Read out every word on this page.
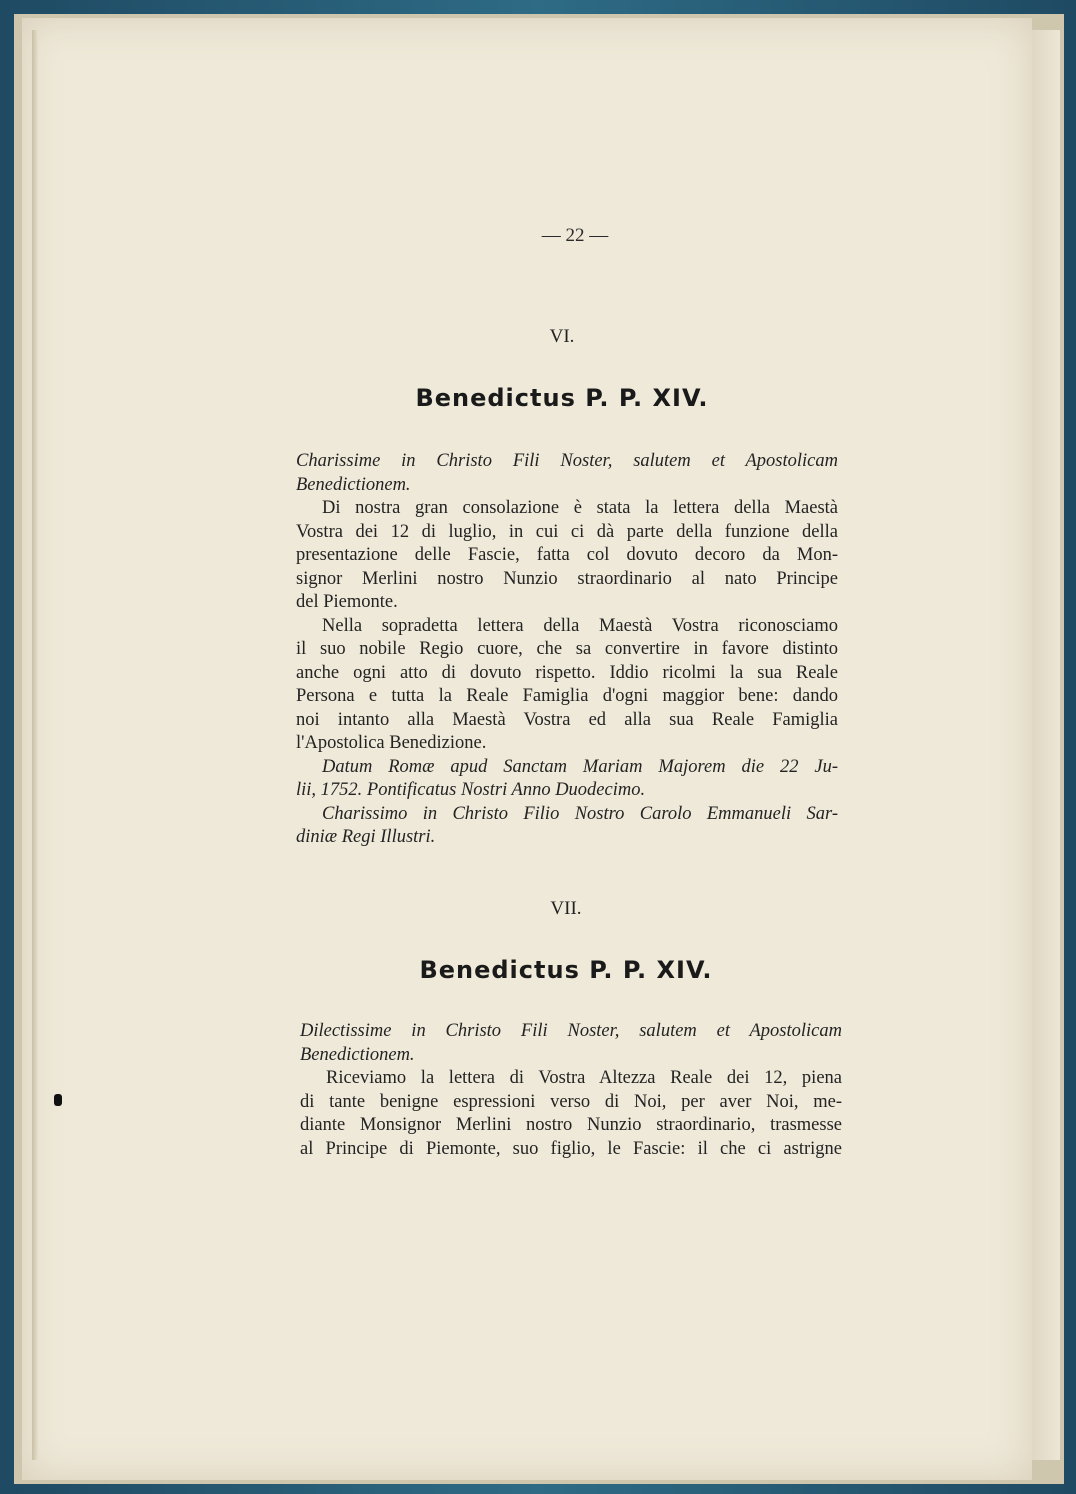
— 22 —
VI.
Benedictus P. P. XIV.
Charissime in Christo Fili Noster, salutem et Apostolicam
Benedictionem.
Di nostra gran consolazione è stata la lettera della Maestà
Vostra dei 12 di luglio, in cui ci dà parte della funzione della
presentazione delle Fascie, fatta col dovuto decoro da Mon-
signor Merlini nostro Nunzio straordinario al nato Principe
del Piemonte.
Nella sopradetta lettera della Maestà Vostra riconosciamo
il suo nobile Regio cuore, che sa convertire in favore distinto
anche ogni atto di dovuto rispetto. Iddio ricolmi la sua Reale
Persona e tutta la Reale Famiglia d'ogni maggior bene: dando
noi intanto alla Maestà Vostra ed alla sua Reale Famiglia
l'Apostolica Benedizione.
Datum Romæ apud Sanctam Mariam Majorem die 22 Ju-
lii, 1752. Pontificatus Nostri Anno Duodecimo.
Charissimo in Christo Filio Nostro Carolo Emmanueli Sar-
diniæ Regi Illustri.
VII.
Benedictus P. P. XIV.
Dilectissime in Christo Fili Noster, salutem et Apostolicam
Benedictionem.
Riceviamo la lettera di Vostra Altezza Reale dei 12, piena
di tante benigne espressioni verso di Noi, per aver Noi, me-
diante Monsignor Merlini nostro Nunzio straordinario, trasmesse
al Principe di Piemonte, suo figlio, le Fascie: il che ci astrigne
